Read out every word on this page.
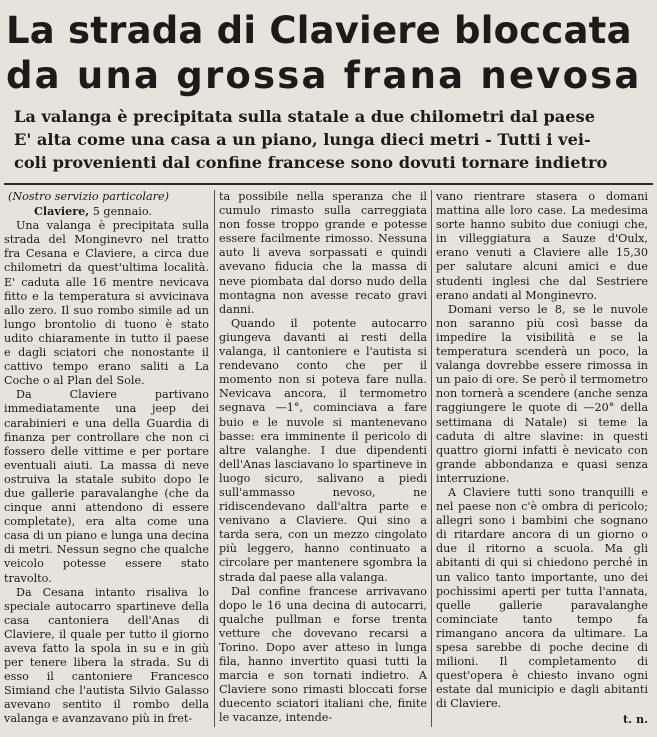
La strada di Claviere bloccata
da una grossa frana nevosa
La valanga è precipitata sulla statale a due chilometri dal paese
E' alta come una casa a un piano, lunga dieci metri - Tutti i vei-
coli provenienti dal confine francese sono dovuti tornare indietro

(Nostro servizio particolare)

Claviere, 5 gennaio.

Una valanga è precipitata sulla strada del Monginevro nel tratto fra Cesana e Claviere, a circa due chilometri da quest'ultima località. E' caduta alle 16 mentre nevicava fitto e la temperatura si avvicinava allo zero. Il suo rombo simile ad un lungo brontolio di tuono è stato udito chiaramente in tutto il paese e dagli sciatori che nonostante il cattivo tempo erano saliti a La Coche o al Plan del Sole.

Da Claviere partivano immediatamente una jeep dei carabinieri e una della Guardia di finanza per controllare che non ci fossero delle vittime e per portare eventuali aiuti. La massa di neve ostruiva la statale subito dopo le due gallerie paravalanghe (che da cinque anni attendono di essere completate), era alta come una casa di un piano e lunga una decina di metri. Nessun segno che qualche veicolo potesse essere stato travolto.

Da Cesana intanto risaliva lo speciale autocarro spartineve della casa cantoniera dell'Anas di Claviere, il quale per tutto il giorno aveva fatto la spola in su e in giù per tenere libera la strada. Su di esso il cantoniere Francesco Simiand che l'autista Silvio Galasso avevano sentito il rombo della valanga e avanzavano più in fret-

ta possibile nella speranza che il cumulo rimasto sulla carreggiata non fosse troppo grande e potesse essere facilmente rimosso. Nessuna auto li aveva sorpassati e quindi avevano fiducia che la massa di neve piombata dal dorso nudo della montagna non avesse recato gravi danni.

Quando il potente autocarro giungeva davanti ai resti della valanga, il cantoniere e l'autista si rendevano conto che per il momento non si poteva fare nulla. Nevicava ancora, il termometro segnava —1°, cominciava a fare buio e le nuvole si mantenevano basse: era imminente il pericolo di altre valanghe. I due dipendenti dell'Anas lasciavano lo spartineve in luogo sicuro, salivano a piedi sull'ammasso nevoso, ne ridiscendevano dall'altra parte e venivano a Claviere. Qui sino a tarda sera, con un mezzo cingolato più leggero, hanno continuato a circolare per mantenere sgombra la strada dal paese alla valanga.

Dal confine francese arrivavano dopo le 16 una decina di autocarri, qualche pullman e forse trenta vetture che dovevano recarsi a Torino. Dopo aver atteso in lunga fila, hanno invertito quasi tutti la marcia e son tornati indietro. A Claviere sono rimasti bloccati forse duecento sciatori italiani che, finite le vacanze, intende-

vano rientrare stasera o domani mattina alle loro case. La medesima sorte hanno subito due coniugi che, in villeggiatura a Sauze d'Oulx, erano venuti a Claviere alle 15,30 per salutare alcuni amici e due studenti inglesi che dal Sestriere erano andati al Monginevro.

Domani verso le 8, se le nuvole non saranno più così basse da impedire la visibilità e se la temperatura scenderà un poco, la valanga dovrebbe essere rimossa in un paio di ore. Se però il termometro non tornerà a scendere (anche senza raggiungere le quote di —20° della settimana di Natale) si teme la caduta di altre slavine: in questi quattro giorni infatti è nevicato con grande abbondanza e quasi senza interruzione.

A Claviere tutti sono tranquilli e nel paese non c'è ombra di pericolo; allegri sono i bambini che sognano di ritardare ancora di un giorno o due il ritorno a scuola. Ma gli abitanti di qui si chiedono perché in un valico tanto importante, uno dei pochissimi aperti per tutta l'annata, quelle gallerie paravalanghe cominciate tanto tempo fa rimangano ancora da ultimare. La spesa sarebbe di poche decine di milioni. Il completamento di quest'opera è chiesto invano ogni estate dal municipio e dagli abitanti di Claviere.

t. n.
